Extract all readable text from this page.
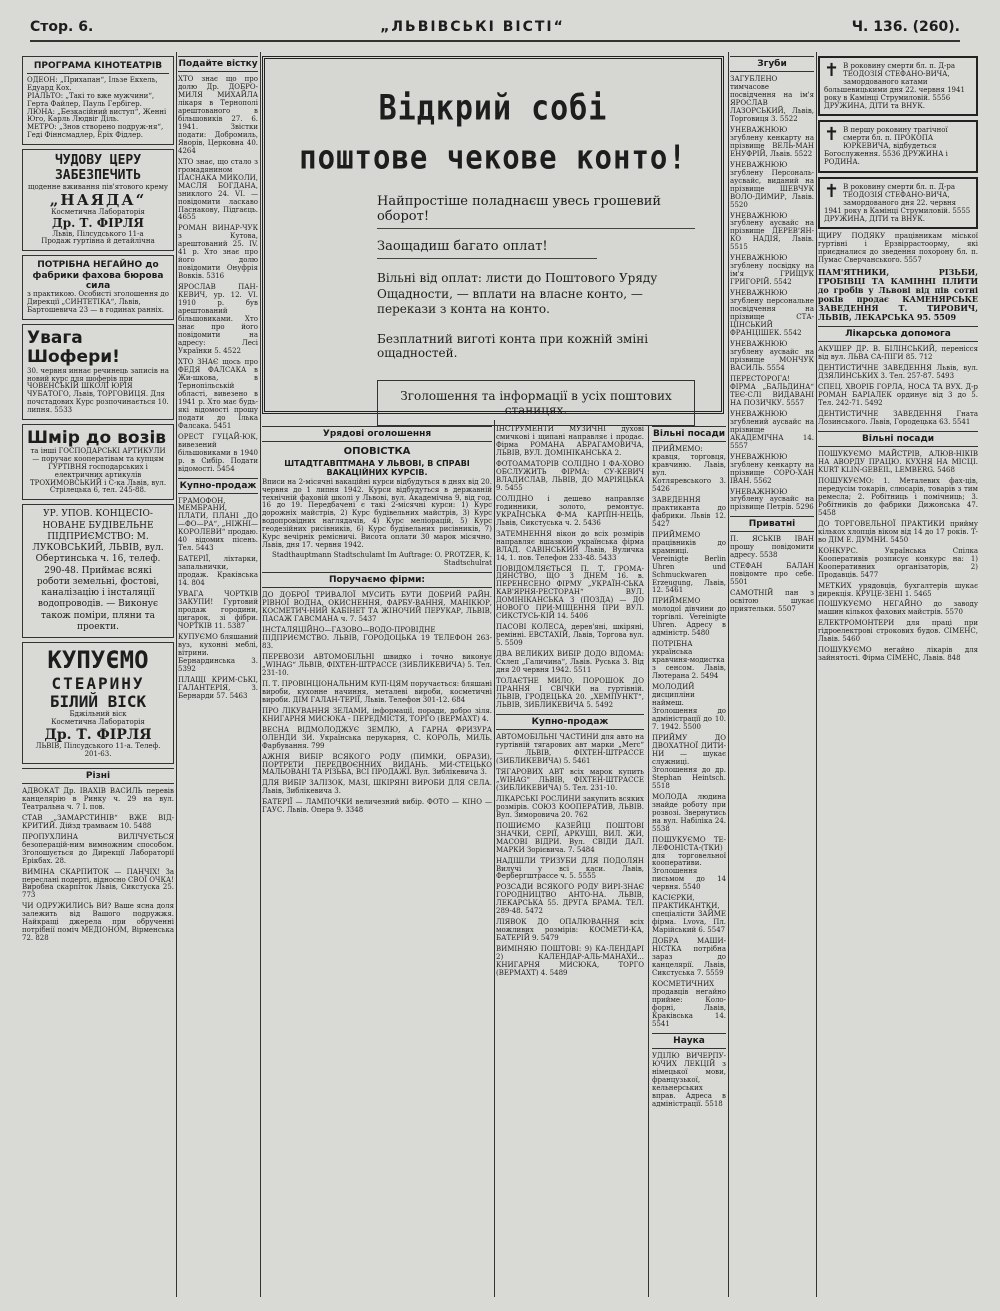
Стор. 6.	„ЛЬВІВСЬКІ ВІСТІ“	Ч. 136. (260).
ПРОГРАМА КІНОТЕАТРІВ
ОДЕОН: „Прихапан“, Ільзе Екхель, Едуард Кох.
РІАЛЬТО: „Такі то вже мужчини“, Герта Файлер, Пауль Гербігер.
ЛЮНА: „Безкасійний виступ“, Женні Юго, Карль Людвіг Діль.
МЕТРО: „Знов створено подруж-ня“, Геді Фіннсмадлер, Еріх Фідлер.
ЧУДОВУ ЦЕРУ
ЗАБЕЗПЕЧИТЬ
щоденне вживання пів'ятового крему
„НАЯДА“
Косметична Лабораторія
Др. Т. ФІРЛЯ
Львів, Пілсудського 11-а
Продаж гуртівна й детайлічна
ПОТРІБНА НЕГАЙНО до фабрики фахова бюрова сила
з практикою. Особисті зголошення до Дирекції „СИНТЕТІКА“, Львів, Бартошевича 23 — в годинах ранніх.
Увага Шофери!
30. червня иннає речинець записів на новий курс для шоферів при ЧОВЕНСЬКІЙ ШКОЛІ ЮРІЯ ЧУБАТОГО, Львів, ТОРГОВИЦЯ. Для почстадових Курс розпочинається 10. липня. 5533
Шмір до возів
та інші ГОСПОДАРСЬКІ АРТИКУЛИ — поручає кооператівам та купцям ГУРТІВНЯ господарських і електричних артикулів ТРОХИМОВСЬКИЙ і С-ка Львів, вул. Стрілецька 6, тел. 245-88.
УР. УПОВ. КОНЦЕСІО-НОВАНЕ БУДІВЕЛЬНЕ ПІДПРИЄМСТВО: М. ЛУКОВСЬКИЙ, ЛЬВІВ, вул. Обертинська ч. 16, телеф. 290-48. Приймає всякі роботи земельні, фостові, каналізацію і інсталяції водопроводів. — Виконує також поміри, пляни та проекти.
КУПУЄМО
СТЕАРИНУ
БІЛИЙ ВІСК
Бджільний віск
Косметична Лабораторія
Др. Т. ФІРЛЯ
ЛЬВІВ, Пілсудського 11-а. Телеф. 201-63.
Різні
АДВОКАТ Др. ІВАХІВ ВАСИЛЬ перевів канцелярію в Ринку ч. 29 на вул. Театральна ч. 7 І. пов.
СТАВ „ЗАМАРСТИНІВ“ ВЖЕ ВІД-КРИТИЙ. Дійзд трамваєм 10. 5488
ПРОПУХЛИНА ВИЛІЧУЄТЬСЯ безоперацій-ним вимножним способом. Зголошується до Дирекції Лабораторії Ерікбах. 28.
ВИМІНА СКАРПИТОК — ПАНЧІХ! За переслані подерті, відносно СВОЇ ОЧКА! Виробна скарпіток Львів, Сикстуска 25. 773
ЧИ ОДРУЖИЛИСЬ ВИ? Ваше ясна доля залежить від Вашого подружжя. Найкращі джерела при обрученні потрібнії поміч МЕДІОНОМ, Вірменська 72. 828
Подайте вістку
ХТО знає що про долю Др. ДОБРО-МИЛЯ МИХАЙЛА лікаря в Тернополі арештованого в більшовиків 27. 6. 1941. Звістки подати: Добромиль, Яворів, Церковна 40. 4264
ХТО знає, що стало з громадянином ПАСНАКА МИКОЛИ, МАСЛЯ БОГДАНА, зниклого 24. VI. — повідомити ласкаво Паснакову, Підгаєць. 4655
РОМАН ВИНАР-ЧУК з Кутова, арештований 25. IV. 41 р. Хто знає про його долю повідомити Онуфрія Вовків. 5316
ЯРОСЛАВ ПАН-КЕВИЧ, ур. 12. VI. 1910 р. був арештований більшовиками. Хто знає про його повідомити на адресу: Лесі Українки 5. 4522
ХТО ЗНАЄ щось про ФЕДЯ ФАЛСАКА в Жи-шкова, в Тернопільській області, вивезено в 1941 р. Хто має будь-які відомості прошу подати до Ілька Фалсака. 5451
ОРЕСТ ГУЦАЙ-ЮК, вивезений більшовиками в 1940 р. в Сибір. Подати відомості. 5454
Купно-продаж
ГРАМОФОН, МЕМБРАНИ, ПЛАТИ, ПЛАНІ „ДО—ФО—РА“, „НІЖНІ—КОРОЛЕВИ“ продаю. 40 відомих пісень. Тел. 5443
БАТЕРІЇ, ліхтарки, запальнички, продаж. Краківська 14. 804
УВАГА ЧОРТКІВ ЗАКУПИ! Гуртовий продаж городини, цигарок, зі фібри. ЧОРТКІВ 11. 5387
КУПУЄМО бляшаний вуз, кухонні меблі, вітрини. Бернардинська 3. 5392
ПЛАЩІ КРИМ-СЬКІ, ГАЛАНТЕРІЯ, З. Бернарди 57. 5463
Відкрий собі
поштове чекове конто!
Найпростіше поладнаєш увесь грошевий оборот!
Заощадиш багато оплат!
Вільні від оплат: листи до Поштового Уряду Ощадности, — вплати на власне конто, — перекази з конта на конто.
Безплатний виготі конта при кожній зміні ощадностей.
Зголошення та інформації в усіх поштових станицях.
Урядові оголошення
ОПОВІСТКА
ШТАДТГАВПТМАНА У ЛЬВОВІ, В СПРАВІ ВАКАЦІЙНИХ КУРСІВ.
Вписи на 2-місячні вакаційні курси відбудуться в днях від 20. червня до 1 липня 1942. Курси відбудуться в державній технічній фаховій школі у Львові, вул. Академічна 9, від год. 16 до 19. Передбачені є такі 2-місячні курси: 1) Курс дорожніх майстрів, 2) Курс будівельних майстрів, 3) Курс водопровідних наглядачів, 4) Курс меліорацій, 5) Курс геодезійних рисівників, 6) Курс будівельних рисівників, 7) Курс вечірніх ремісничі. Висота оплати 30 марок місячно. Львів, дня 17. червня 1942.
Stadthauptmann Stadtschulamt Im Auftrage: O. PROTZER, K. Stadtschulrat
Поручаємо фірми:
ДО ДОБРОЇ ТРИВАЛОЇ МУСИТЬ БУТИ ДОБРИЙ РАЙН. РІВНОЇ ВОДНА, ОКИСНЕННЯ, ФАРБУ-ВАННЯ, МАНІКЮР, КОСМЕТИЧ-НИЙ КАБІНЕТ ТА ЖІНОЧИЙ ПЕРУКАР, ЛЬВІВ, ПАСАЖ ГАВСМАНА ч. 7. 5437
ІНСТАЛЯЦІЙНО—ГАЗОВО—ВОДО-ПРОВІДНЕ ПІДПРИЄМСТВО. ЛЬВІВ, ГОРОДОЦЬКА 19 ТЕЛЕФОН 263-83.
ПЕРЕВОЗИ АВТОМОБІЛЬНІ швидко і точно виконує „WIHAG“ ЛЬВІВ, ФІХТЕН-ШТРАССЕ (ЗИБЛИКЕВИЧА) 5. Тел. 231-10.
П. Т. ПРОВІНЦІОНАЛЬНИМ КУП-ЦЯМ поручається: бляшані вироби, кухонне начиння, металеві вироби, косметичні вироби. ДІМ ГАЛАН-ТЕРІЇ, Львів. Телефон 301-12. 684
ПРО ЛІКУВАННЯ ЗЕЛАМИ, інформації, поради, добро зіля. КНИГАРНЯ МИСЮКА - ПЕРЕДМІСТЯ, ТОРГО (ВЕРМАХТ) 4.
ВЕСНА ВІДМОЛОДЖУЄ ЗЕМЛЮ, А ГАРНА ФРИЗУРА ОЛЕНДИ ЗИ. Українська перукарня, С. КОРОЛЬ, МИЛЬ. Фарбування. 799
АЖНІЯ ВИБІР ВСЯКОГО РОДУ (ПИМКИ, ОБРАЗИ), ПОРТРЕТИ ПЕРЕДВОЄННИХ ВИДАНЬ. МИ-СТЕЦЬКО МАЛЬОВАНІ ТА РІЗЬБА, ВСІ ПРОДАЖІ. Вул. Зиблікевича 3.
ДЛЯ ВИБІР ЗАЛІЗОК, МАЗІ, ШКІРЯНІ ВИРОБИ ДЛЯ СЕЛА. Львів, Зиблікевича 3.
БАТЕРІЇ — ЛАМПОЧКИ величезний вибір. ФОТО — КІНО — ГАУС. Львів. Опера 9. 3348
ІНСТРУМЕНТИ МУЗИЧНІ духові смичкові і щипані направляє і продає. Фірма РОМАНА АБРАГАМОВИЧА, ЛЬВІВ, ВУЛ. ДОМІНІКАНСЬКА 2.
ФОТОАМАТОРІВ СОЛІДНО І ФА-ХОВО ОБСЛУЖИТЬ ФІРМА: СУ-КЕВИЧ ВЛАДИСЛАВ, ЛЬВІВ, ДО МАРІЯЦЬКА 9. 5455
СОЛІДНО і дешево направляє годинники, золото, ремонтує. УКРАЇНСЬКА Ф-МА КАРПІН-НЕЦЬ, Львів, Сикстуська ч. 2. 5436
ЗАТЕМНЕННЯ вікон до всіх розмірів направляє вшазкою українська фірма ВЛАД. САВІНСЬКИЙ Львів, Вуличка 14, 1. пов. Телефон 233-48. 5433
ПОВІДОМЛЯЄТЬСЯ П. Т. ГРОМА-ДЯНСТВО, ЩО З ДНЕМ 16. в. ПЕРЕНЕСЕНО ФІРМУ „УКРАЇН-СЬКА КАВ'ЯРНЯ-РЕСТОРАН“ ВУЛ. ДОМІНІКАНСЬКА З (ПОЗДА) — ДО НОВОГО ПРИ-МІЩЕННЯ ПРИ ВУЛ. СИКСТУСЬ-КІЙ 14. 5406
ПАСОВІ КОЛЕСА, дерев'яні, шкіряні, ремінні. ЕВСТАХІЙ, Львів, Торгова вул. 5. 5509
ДВА ВЕЛИКИХ ВИБІР ДОДО ВІДОМА: Склеп „Галичина“, Львів. Руська 3. Від дня 20 червня 1942. 5511
ТОЛАЄТНЕ МИЛО, ПОРОШОК ДО ПРАННЯ І СВІЧКИ на гуртівній. ЛЬВІВ, ГРОДЕЦЬКА 20. „ХЕМПУНКТ“, ЛЬВІВ, ЗИБЛИКЕВИЧА 5. 5492
Купно-продаж
АВТОМОБІЛЬНІ ЧАСТИНИ для авто на гуртівній тягарових авт марки „Merc“ — ЛЬВІВ, ФІХТЕН-ШТРАССЕ (ЗИБЛИКЕВИЧА) 5. 5461
ТЯГАРОВИХ АВТ всіх марок купить „WIHAG“ ЛЬВІВ, ФІХТЕН-ШТРАССЕ (ЗИБЛИКЕВИЧА) 5. Тел. 231-10.
ЛІКАРСЬКІ РОСЛИНИ закупить всяких розмірів. СОЮЗ КООПЕРАТИВ, ЛЬВІВ. Вул. Зиморовича 20. 762
ПОШИЄМО КАЗЕЙЦІ ПОШТОВІ ЗНАЧКИ, СЕРІЇ, АРКУШІ, ВИЛ. ЖИ, МАСОВІ ВІДРИ. Вул. СВІДИ ДАЛ. МАРКИ Зорієвича. 7. 5484
НАДІШЛИ ТРИЗУБИ ДЛЯ ПОДОЛЯН Вилучі у всі каси. Львів, Фербергштрассе ч. 5. 5555
РОЗСАДИ ВСЯКОГО РОДУ ВИРІ-ЗНАЄ ГОРОДНИЦТВО АНТО-НА. ЛЬВІВ, ЛЕКАРСЬКА 55. ДРУГА БРАМА. ТЕЛ. 289-48. 5472
ЛІЯВОК ДО ОПАЛЮВАННЯ всіх можливих розмірів: КОСМЕТИ-КА, БАТЕРІЙ 9. 5479
ВИМІНЯЮ ПОШТОВІ: 9) КА-ЛЕНДАРІ 2) КАЛЕНДАР-АЛЬ-МАНАХИ... КНИГАРНЯ МИСЮКА, ТОРГО (ВЕРМАХТ) 4. 5489
Вільні посади
ПРИЙМЕМО: кравця, торговця, кравчиню. Львів, вул. Котляревського 3. 5426
ЗАВЕДЕННЯ практиканта до фабрики. Львів 12. 5427
ПРИЙМЕМО працівників до крамниці. Vereinigte Berlin Uhren und Schmuckwaren Erzeugung, Львів, 12. 5461
ПРИЙМЕМО молодої дівчини до торгівлі. Vereinigte Uhren. Адресу в адміністр. 5480
ПОТРІБНА українська кравчиня-модистка з сенсом. Львів, Лютерана 2. 5494
МОЛОДИЙ дисципліни наймеш. Зголошення до адміністрації до 10. 7. 1942. 5500
ПРИЙМУ ДО ДВОХАТНОЇ ДИТИ-НИ — шукає служниці. Зголошення до др. Stephan Heintsch. 5518
МОЛОДА людина знайде роботу при розвозі. Звернутись на вул. Набіліка 24. 5538
ПОШУКУЄМО ТЕ-ЛЕФОНІСТА-(ТКИ) для торговельної кооперативи. Зголошення письмом до 14 червня. 5540
КАСІЄРКИ, ПРАКТИКАНТКИ, спеціалісти ЗАЙМЕ фірма. Lvova, Пл. Марійський 6. 5547
ДОБРА МАШИ-НІСТКА потрібна зараз до канцелярії. Львів, Сикстуська 7. 5559
КОСМЕТИЧНИХ продавців негайно прийме: Коло-форні, Львів, Краківська 14. 5541
Наука
УДІЛЮ ВИЧЕРПУ-ЮЧИХ ЛЕКЦІЙ з німецької мови, французької, кельнерських вправ. Адреса в адміністрації. 5518
Згуби
ЗАГУБЛЕНО тимчасове посвідчення на ім'я ЯРОСЛАВ ЛАЗОРСЬКИЙ, Львів, Торговиця 3. 5522
УНЕВАЖНЮЮ згублену кенкарту на прізвище ВЕЛЬ-МАН ЕНУФРІЙ, Львів. 5522
УНЕВАЖНЮЮ згублену Персональ-аусвайс, виданий на прізвище ШЕВЧУК ВОЛО-ДИМИР, Львів. 5520
УНЕВАЖНЮЮ згублену аусвайс на прізвище ДЕРЕВ'ЯН-КО НАДІЯ, Львів. 5515
УНЕВАЖНЮЮ згублену посвідку на ім'я ГРИЩУК ГРИГОРІЙ. 5542
УНЕВАЖНЮЮ згублену персональне посвідчення на прізвище СТА-ЦІНСЬКИЙ ФРАНЦІШЕК. 5542
УНЕВАЖНЮЮ згублену аусвайс на прізвище МОНЧУК ВАСИЛЬ. 5554
ПЕРЕСТОРОГА! ФІРМА „БАЛЬДИНА“ ТЕЄ-СЛІ ВИДАВАНІ НА ПОЗИЧКУ. 5557
УНЕВАЖНЮЮ згублений аусвайс на прізвище АКАДЕМІЧНА 14. 5557
УНЕВАЖНЮЮ згублену кенкарту на прізвище СОРО-ХАН ІВАН. 5562
УНЕВАЖНЮЮ згублену аусвайс на прізвище Петрів. 5296
Приватні
П. ЯСЬКІВ ІВАН прошу повідомити адресу. 5538
СТЕФАН БАЛАН повідомте про себе. 5501
САМОТНІЙ пан з освітою шукає приятельки. 5507
✝ В роковину смерти бл. п. Д-ра ТЕОДОЗІЯ СТЕФАНО-ВИЧА, замордованого катами большевицькими дня 22. червня 1941 року в Камінці Струмиловій. 5556 ДРУЖИНА, ДІТИ та ВНУК.
✝ В першу роковину трагічної смерти бл. п. ПРОКОПА ЮРКЕВИЧА, відбудеться Богослуження. 5536 ДРУЖИНА і РОДИНА.
✝ В роковину смерти бл. п. Д-ра ТЕОДОЗІЯ СТЕФАНО-ВИЧА, замордованого дня 22. червня 1941 року в Камінці Струмиловій. 5555 ДРУЖИНА, ДІТИ та ВНУК.
ЩИРУ ПОДЯКУ працівникам міської гуртівні і Ерзвіррастоорму, які приєдналися до зведення похорону бл. п. Пумас Сверчанського. 5557
ПАМ'ЯТНИКИ, РІЗЬБИ, ГРОБІВЦІ ТА КАМІННІ ПЛИТИ до гробів у Львові від пів сотні років продає КАМЕНЯРСЬКЕ ЗАВЕДЕННЯ Т. ТИРОВИЧ, ЛЬВІВ, ЛЕКАРСЬКА 95. 5509
Лікарська допомога
АКУШЕР ДР. В. БІЛІНСЬКИЙ, перенісся від вул. ЛЬВА СА-ПІГИ 85. 712
ДЕНТИСТИЧНЕ ЗАВЕДЕННЯ Львів, вул. ДЗЯЛИНСЬКИХ 3. Тел. 257-87. 5493
СПЕЦ. ХВОРІБ ГОРЛА, НОСА ТА ВУХ. Д-р РОМАН БАРІАЛЕК ординує від 3 до 5. Тел. 242-71. 5492
ДЕНТИСТИЧНЕ ЗАВЕДЕННЯ Гната Лозинського. Львів, Городецька 63. 5541
Вільні посади
ПОШУКУЄМО МАЙСТРІВ, АЛЮВ-НІКІВ НА АВОРДУ ПРАЦЮ. КУХНЯ НА МІСЦІ. KURT KLIN-GEBEIL, LEMBERG. 5468
ПОШУКУЄМО: 1. Металевих фах-ців, передусім токарів, слюсарів, товарів з тим ремесла; 2. Робітниць і помічниць; 3. Робітників до фабрики Дижонська 47. 5458
ДО ТОРГОВЕЛЬНОЇ ПРАКТИКИ прийму кількох хлопців віком від 14 до 17 років. Т-во ДІМ Е. ДУМНИ. 5450
КОНКУРС. Українська Спілка Кооперативів розписує конкурс на: 1) Кооперативних організаторів, 2) Продавців. 5477
МЕТКИХ урядовців, бухгалтерів шукає дирекція. КРУЦЕ-ЗЕНІ 1. 5465
ПОШУКУЄМО НЕГАЙНО до заводу машин кількох фахових майстрів. 5570
ЕЛЕКТРОМОНТЕРИ для праці при гідроелектрові строкових будов. СІМЕНС, Львів. 5460
ПОШУКУЄМО негайно лікарів для зайнятості. Фірма СІМЕНС, Львів. 848
